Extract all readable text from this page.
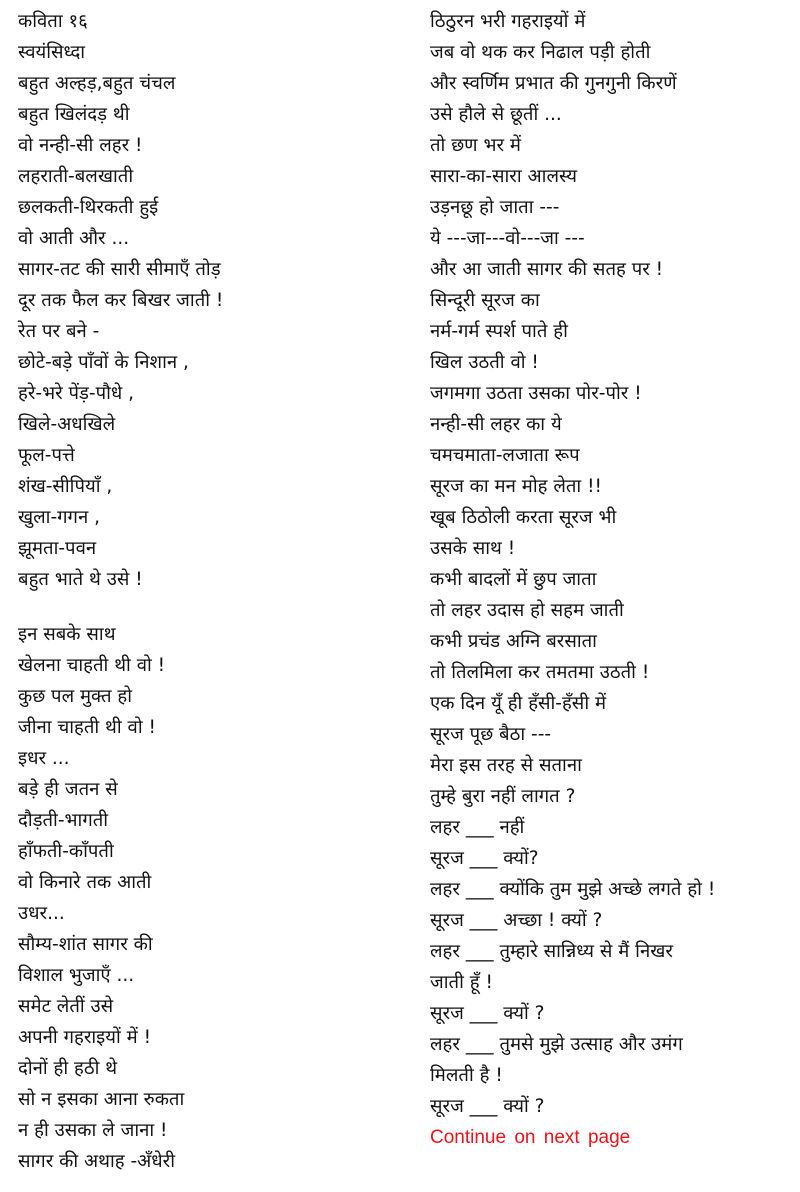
कविता १६
स्वयंसिध्दा
बहुत अल्हड़,बहुत चंचल
बहुत खिलंदड़ थी
वो नन्ही-सी लहर !
लहराती-बलखाती
छलकती-थिरकती हुई
वो आती और ...
सागर-तट की सारी सीमाएँ तोड़
दूर तक फैल कर बिखर जाती !
रेत पर बने -
छोटे-बड़े पाँवों के निशान ,
हरे-भरे पेंड़-पौधे ,
खिले-अधखिले
फूल-पत्ते
शंख-सीपियाँ ,
खुला-गगन ,
झूमता-पवन
बहुत भाते थे उसे !
इन सबके साथ
खेलना चाहती थी वो !
कुछ पल मुक्त हो
जीना चाहती थी वो !
इधर ...
बड़े ही जतन से
दौड़ती-भागती
हाँफती-काँपती
वो किनारे तक आती
उधर...
सौम्य-शांत सागर की
विशाल भुजाएँ ...
समेट लेतीं उसे
अपनी गहराइयों में !
दोनों ही हठी थे
सो न इसका आना रुकता
न ही उसका ले जाना !
सागर की अथाह -अँधेरी
ठिठुरन भरी गहराइयों में
जब वो थक कर निढाल पड़ी होती
और स्वर्णिम प्रभात की गुनगुनी किरणें
उसे हौले से छूतीं ...
तो छण भर में
सारा-का-सारा आलस्य
उड़नछू हो जाता ---
ये ---जा---वो---जा ---
और आ जाती सागर की सतह पर !
सिन्दूरी सूरज का
नर्म-गर्म स्पर्श पाते ही
खिल उठती वो !
जगमगा उठता उसका पोर-पोर !
नन्ही-सी लहर का ये
चमचमाता-लजाता रूप
सूरज का मन मोह लेता !!
खूब ठिठोली करता सूरज भी
उसके साथ !
कभी बादलों में छुप जाता
तो लहर उदास हो सहम जाती
कभी प्रचंड अग्नि बरसाता
तो तिलमिला कर तमतमा उठती !
एक दिन यूँ ही हँसी-हँसी में
सूरज पूछ बैठा ---
मेरा इस तरह से सताना
तुम्हे बुरा नहीं लागत ?
लहर ___ नहीं
सूरज ___ क्यों?
लहर ___ क्योंकि तुम मुझे अच्छे लगते हो !
सूरज ___ अच्छा ! क्यों ?
लहर ___ तुम्हारे सान्निध्य से मैं निखर
जाती हूँ !
सूरज ___ क्यों ?
लहर ___ तुमसे मुझे उत्साह और उमंग
मिलती है !
सूरज ___ क्यों ?
Continue on next page
